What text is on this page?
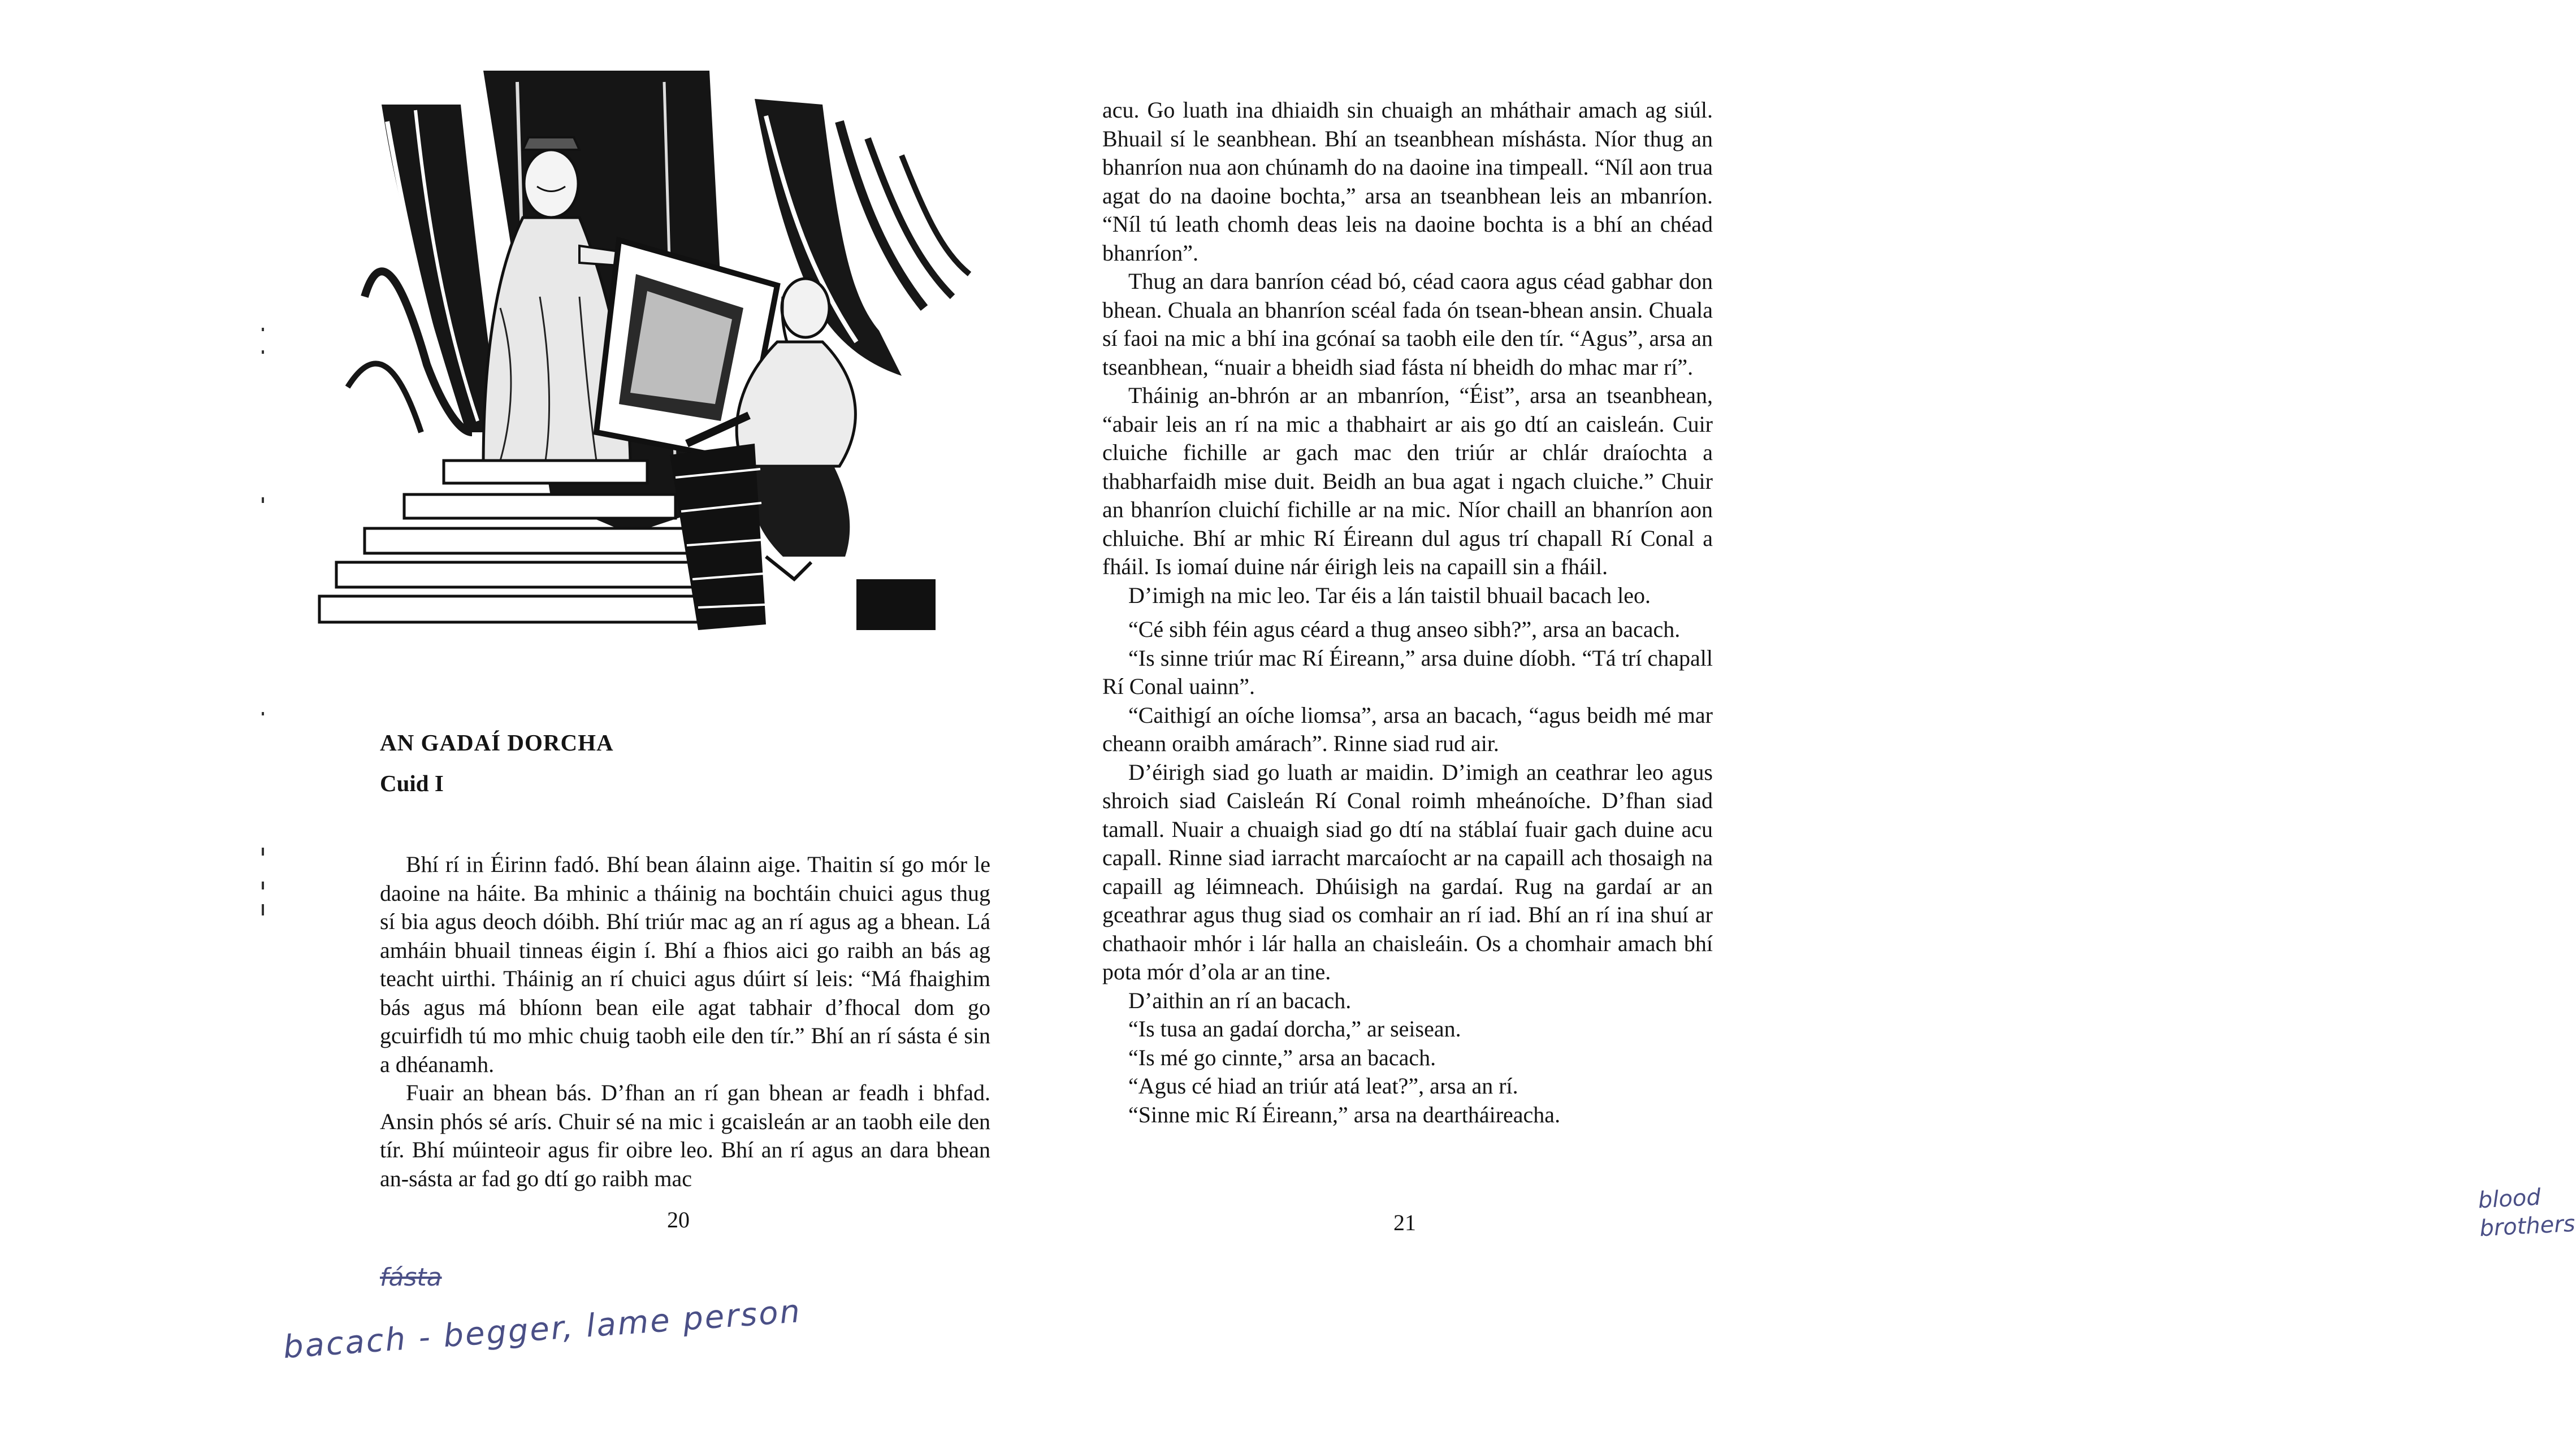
AN GADAÍ DORCHA
Cuid I

Bhí rí in Éirinn fadó. Bhí bean álainn aige. Thaitin sí go mór le daoine na háite. Ba mhinic a tháinig na bochtáin chuici agus thug sí bia agus deoch dóibh. Bhí triúr mac ag an rí agus ag a bhean. Lá amháin bhuail tinneas éigin í. Bhí a fhios aici go raibh an bás ag teacht uirthi. Tháinig an rí chuici agus dúirt sí leis: “Má fhaighim bás agus má bhíonn bean eile agat tabhair d’fhocal dom go gcuirfidh tú mo mhic chuig taobh eile den tír.” Bhí an rí sásta é sin a dhéanamh.

Fuair an bhean bás. D’fhan an rí gan bhean ar feadh i bhfad. Ansin phós sé arís. Chuir sé na mic i gcaisleán ar an taobh eile den tír. Bhí múinteoir agus fir oibre leo. Bhí an rí agus an dara bhean an-sásta ar fad go dtí go raibh mac

20
fásta
bacach - begger, lame person

acu. Go luath ina dhiaidh sin chuaigh an mháthair amach ag siúl. Bhuail sí le seanbhean. Bhí an tseanbhean míshásta. Níor thug an bhanríon nua aon chúnamh do na daoine ina timpeall. “Níl aon trua agat do na daoine bochta,” arsa an tseanbhean leis an mbanríon. “Níl tú leath chomh deas leis na daoine bochta is a bhí an chéad bhanríon”.

Thug an dara banríon céad bó, céad caora agus céad gabhar don bhean. Chuala an bhanríon scéal fada ón tsean-bhean ansin. Chuala sí faoi na mic a bhí ina gcónaí sa taobh eile den tír. “Agus”, arsa an tseanbhean, “nuair a bheidh siad fásta ní bheidh do mhac mar rí”.

Tháinig an-bhrón ar an mbanríon, “Éist”, arsa an tseanbhean, “abair leis an rí na mic a thabhairt ar ais go dtí an caisleán. Cuir cluiche fichille ar gach mac den triúr ar chlár draíochta a thabharfaidh mise duit. Beidh an bua agat i ngach cluiche.” Chuir an bhanríon cluichí fichille ar na mic. Níor chaill an bhanríon aon chluiche. Bhí ar mhic Rí Éireann dul agus trí chapall Rí Conal a fháil. Is iomaí duine nár éirigh leis na capaill sin a fháil.

D’imigh na mic leo. Tar éis a lán taistil bhuail bacach leo.

“Cé sibh féin agus céard a thug anseo sibh?”, arsa an bacach.

“Is sinne triúr mac Rí Éireann,” arsa duine díobh. “Tá trí chapall Rí Conal uainn”.

“Caithigí an oíche liomsa”, arsa an bacach, “agus beidh mé mar cheann oraibh amárach”. Rinne siad rud air.

D’éirigh siad go luath ar maidin. D’imigh an ceathrar leo agus shroich siad Caisleán Rí Conal roimh mheánoíche. D’fhan siad tamall. Nuair a chuaigh siad go dtí na stáblaí fuair gach duine acu capall. Rinne siad iarracht marcaíocht ar na capaill ach thosaigh na capaill ag léimneach. Dhúisigh na gardaí. Rug na gardaí ar an gceathrar agus thug siad os comhair an rí iad. Bhí an rí ina shuí ar chathaoir mhór i lár halla an chaisleáin. Os a chomhair amach bhí pota mór d’ola ar an tine.

D’aithin an rí an bacach.

“Is tusa an gadaí dorcha,” ar seisean.

“Is mé go cinnte,” arsa an bacach.

“Agus cé hiad an triúr atá leat?”, arsa an rí.

“Sinne mic Rí Éireann,” arsa na deartháireacha.

21
blood
brothers
